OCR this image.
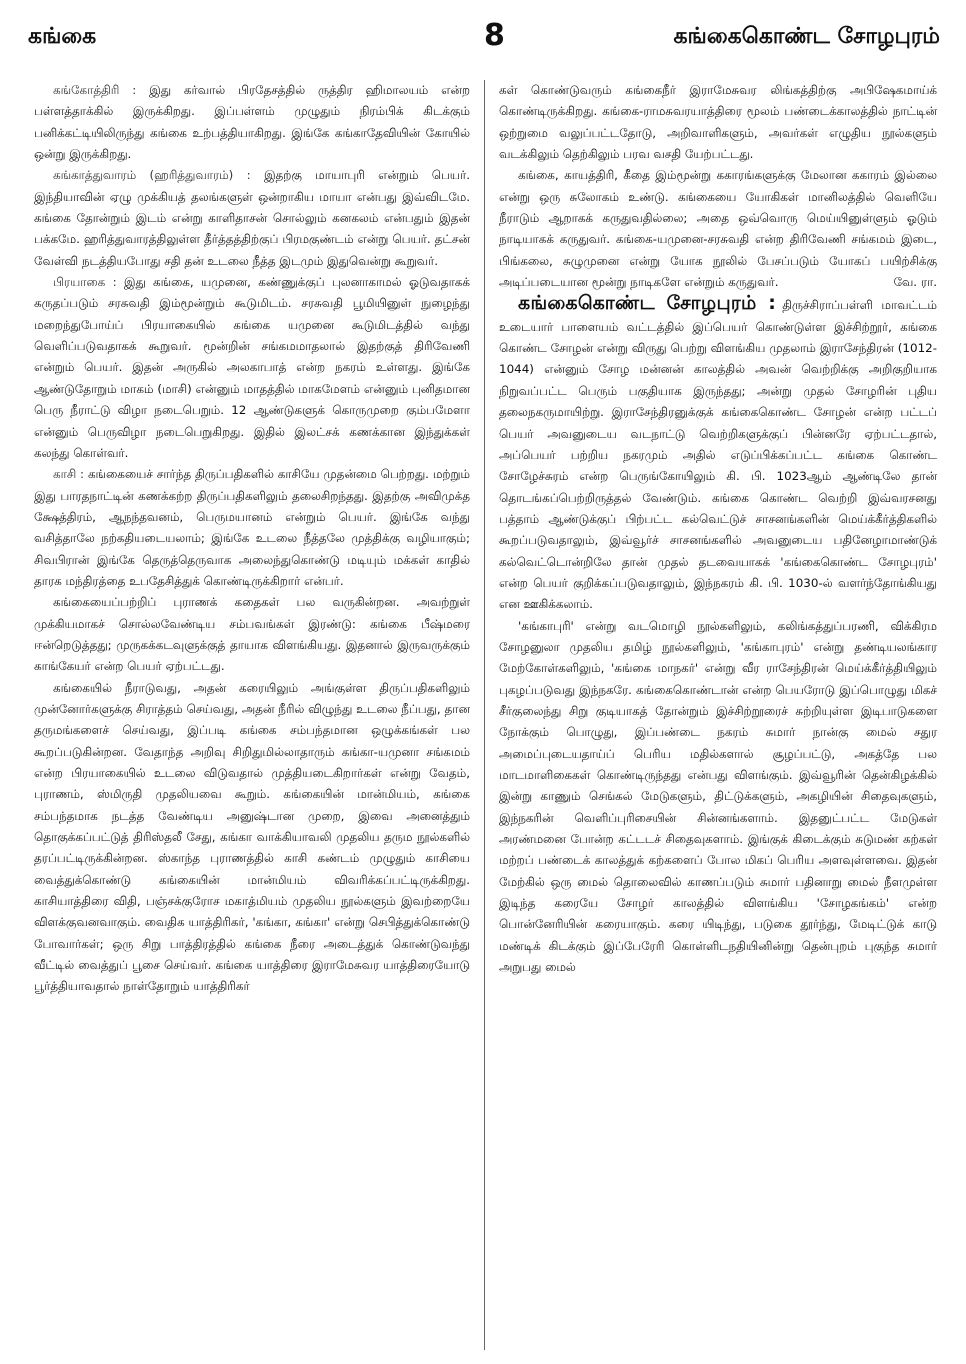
கங்கை	8	கங்கைகொண்ட சோழபுரம்

கங்கோத்திரி : இது கர்வால் பிரதேசத்தில் ருத்திர ஹிமாலயம் என்ற பள்ளத்தாக்கில் இருக்கிறது. இப்பள்ளம் முழுதும் நிரம்பிக் கிடக்கும் பனிக்கட்டியிலிருந்து கங்கை உற்பத்தியாகிறது. இங்கே கங்காதேவியின் கோயில் ஒன்று இருக்கிறது.

கங்காத்துவாரம் (ஹரித்துவாரம்) : இதற்கு மாயாபுரி என்றும் பெயர். இந்தியாவின் ஏழு முக்கியத் தலங்களுள் ஒன்றாகிய மாயா என்பது இவ்விடமே. கங்கை தோன்றும் இடம் என்று காளிதாசன் சொல்லும் கனகலம் என்பதும் இதன் பக்கமே. ஹரித்துவாரத்திலுள்ள தீர்த்தத்திற்குப் பிரமகுண்டம் என்று பெயர். தட்சன் வேள்வி நடத்தியபோது சதி தன் உடலை நீத்த இடமும் இதுவென்று கூறுவர்.

பிரயாகை : இது கங்கை, யமுனை, கண்ணுக்குப் புலனாகாமல் ஓடுவதாகக் கருதப்படும் சரசுவதி இம்மூன்றும் கூடுமிடம். சரசுவதி பூமியினுள் நுழைந்து மறைந்துபோய்ப் பிரயாகையில் கங்கை யமுனை கூடுமிடத்தில் வந்து வெளிப்படுவதாகக் கூறுவர். மூன்றின் சங்கமமாதலால் இதற்குத் திரிவேணி என்றும் பெயர். இதன் அருகில் அலகாபாத் என்ற நகரம் உள்ளது. இங்கே ஆண்டுதோறும் மாகம் (மாசி) என்னும் மாதத்தில் மாகமேளம் என்னும் புனிதமான பெரு நீராட்டு விழா நடைபெறும். 12 ஆண்டுகளுக் கொருமுறை கும்பமேளா என்னும் பெருவிழா நடைபெறுகிறது. இதில் இலட்சக் கணக்கான இந்துக்கள் கலந்து கொள்வர்.

காசி : கங்கையைச் சார்ந்த திருப்பதிகளில் காசியே முதன்மை பெற்றது. மற்றும் இது பாரதநாட்டின் கணக்கற்ற திருப்பதிகளிலும் தலைசிறந்தது. இதற்கு அவிமுக்த க்ஷேத்திரம், ஆநந்தவனம், பெருமயானம் என்றும் பெயர். இங்கே வந்து வசித்தாலே நற்கதியடையலாம்; இங்கே உடலை நீத்தலே முத்திக்கு வழியாகும்; சிவபிரான் இங்கே தெருத்தெருவாக அலைந்துகொண்டு மடியும் மக்கள் காதில் தாரக மந்திரத்தை உபதேசித்துக் கொண்டிருக்கிறார் என்பர்.

கங்கையைப்பற்றிப் புராணக் கதைகள் பல வருகின்றன. அவற்றுள் முக்கியமாகச் சொல்லவேண்டிய சம்பவங்கள் இரண்டு: கங்கை பீஷ்மரை ஈன்றெடுத்தது; முருகக்கடவுளுக்குத் தாயாக விளங்கியது. இதனால் இருவருக்கும் காங்கேயர் என்ற பெயர் ஏற்பட்டது.

கங்கையில் நீராடுவது, அதன் கரையிலும் அங்குள்ள திருப்பதிகளிலும் முன்னோர்களுக்கு சிராத்தம் செய்வது, அதன் நீரில் விழுந்து உடலை நீப்பது, தான தருமங்களைச் செய்வது, இப்படி கங்கை சம்பந்தமான ஒழுக்கங்கள் பல கூறப்படுகின்றன. வேதாந்த அறிவு சிறிதுமில்லாதாரும் கங்கா-யமுனா சங்கமம் என்ற பிரயாகையில் உடலை விடுவதால் முத்தியடைகிறார்கள் என்று வேதம், புராணம், ஸ்மிருதி முதலியவை கூறும். கங்கையின் மான்மியம், கங்கை சம்பந்தமாக நடத்த வேண்டிய அனுஷ்டான முறை, இவை அனைத்தும் தொகுக்கப்பட்டுத் திரிஸ்தலீ சேது, கங்கா வாக்கியாவலி முதலிய தரும நூல்களில் தரப்பட்டிருக்கின்றன. ஸ்காந்த புராணத்தில் காசி கண்டம் முழுதும் காசியை வைத்துக்கொண்டு கங்கையின் மான்மியம் விவரிக்கப்பட்டிருக்கிறது. காசியாத்திரை விதி, பஞ்சக்குரோச மகாத்மியம் முதலிய நூல்களும் இவற்றையே விளக்குவனவாகும். வைதிக யாத்திரிகர், 'கங்கா, கங்கா' என்று செபித்துக்கொண்டு போவார்கள்; ஒரு சிறு பாத்திரத்தில் கங்கை நீரை அடைத்துக் கொண்டுவந்து வீட்டில் வைத்துப் பூசை செய்வர். கங்கை யாத்திரை இராமேசுவர யாத்திரையோடு பூர்த்தியாவதால் நாள்தோறும் யாத்திரிகர்

கள் கொண்டுவரும் கங்கைநீர் இராமேசுவர லிங்கத்திற்கு அபிஷேகமாய்க் கொண்டிருக்கிறது. கங்கை-ராமசுவரயாத்திரை மூலம் பண்டைக்காலத்தில் நாட்டின் ஒற்றுமை வலுப்பட்டதோடு, அறிவாளிகளும், அவர்கள் எழுதிய நூல்களும் வடக்கிலும் தெற்கிலும் பரவ வசதி யேற்பட்டது.

கங்கை, காயத்திரி, கீதை இம்மூன்று ககாரங்களுக்கு மேலான ககாரம் இல்லை என்று ஒரு சுலோகம் உண்டு. கங்கையை யோகிகள் மானிலத்தில் வெளியே நீராடும் ஆறாகக் கருதுவதில்லை; அதை ஒவ்வொரு மெய்யினுள்ளும் ஓடும் நாடியாகக் கருதுவர். கங்கை-யமுனை-சரசுவதி என்ற திரிவேணி சங்கமம் இடை, பிங்கலை, சுழுமுனை என்று யோக நூலில் பேசப்படும் யோகப் பயிற்சிக்கு அடிப்படையான மூன்று நாடிகளே என்றும் கருதுவர்.	வே. ரா.

கங்கைகொண்ட சோழபுரம் : திருச்சிராப்பள்ளி மாவட்டம் உடையார் பாளையம் வட்டத்தில் இப்பெயர் கொண்டுள்ள இச்சிற்றூர், கங்கை கொண்ட சோழன் என்று விருது பெற்று விளங்கிய முதலாம் இராசேந்திரன் (1012-1044) என்னும் சோழ மன்னன் காலத்தில் அவன் வெற்றிக்கு அறிகுறியாக நிறுவப்பட்ட பெரும் பகுதியாக இருந்தது; அன்று முதல் சோழரின் புதிய தலைநகருமாயிற்று. இராசேந்திரனுக்குக் கங்கைகொண்ட சோழன் என்ற பட்டப் பெயர் அவனுடைய வடநாட்டு வெற்றிகளுக்குப் பின்னரே ஏற்பட்டதால், அப்பெயர் பற்றிய நகரமும் அதில் எடுப்பிக்கப்பட்ட கங்கை கொண்ட சோழேச்சுரம் என்ற பெருங்கோயிலும் கி. பி. 1023ஆம் ஆண்டிலே தான் தொடங்கப்பெற்றிருத்தல் வேண்டும். கங்கை கொண்ட வெற்றி இவ்வரசனது பத்தாம் ஆண்டுக்குப் பிற்பட்ட கல்வெட்டுச் சாசனங்களின் மெய்க்கீர்த்திகளில் கூறப்படுவதாலும், இவ்வூர்ச் சாசனங்களில் அவனுடைய பதினேழாமாண்டுக் கல்வெட்டொன்றிலே தான் முதல் தடவையாகக் 'கங்கைகொண்ட சோழபுரம்' என்ற பெயர் குறிக்கப்படுவதாலும், இந்நகரம் கி. பி. 1030-ல் வளர்ந்தோங்கியது என ஊகிக்கலாம்.

'கங்காபுரி' என்று வடமொழி நூல்களிலும், கலிங்கத்துப்பரணி, விக்கிரம சோழனுலா முதலிய தமிழ் நூல்களிலும், 'கங்காபுரம்' என்று தண்டியலங்கார மேற்கோள்களிலும், 'கங்கை மாநகர்' என்று வீர ராசேந்திரன் மெய்க்கீர்த்தியிலும் புகழப்படுவது இந்நகரே. கங்கைகொண்டான் என்ற பெயரோடு இப்பொழுது மிகச் சீர்குலைந்து சிறு குடியாகத் தோன்றும் இச்சிற்றூரைச் சுற்றியுள்ள இடிபாடுகளை நோக்கும் பொழுது, இப்பண்டை நகரம் சுமார் நான்கு மைல் சதுர அமைப்புடையதாய்ப் பெரிய மதில்களால் சூழப்பட்டு, அகத்தே பல மாடமாளிகைகள் கொண்டிருந்தது என்பது விளங்கும். இவ்வூரின் தென்கிழக்கில் இன்று காணும் செங்கல் மேடுகளும், திட்டுக்களும், அகழியின் சிதைவுகளும், இந்நகரின் வெளிப்புரிசையின் சின்னங்களாம். இதனுட்பட்ட மேடுகள் அரண்மனை போன்ற கட்டடச் சிதைவுகளாம். இங்குக் கிடைக்கும் சுடுமண் கற்கள் மற்றப் பண்டைக் காலத்துக் கற்களைப் போல மிகப் பெரிய அளவுள்ளவை. இதன் மேற்கில் ஒரு மைல் தொலைவில் காணப்படும் சுமார் பதினாறு மைல் நீளமுள்ள இடிந்த கரையே சோழர் காலத்தில் விளங்கிய 'சோழகங்கம்' என்ற பொன்னேரியின் கரையாகும். கரை யிடிந்து, படுகை தூர்ந்து, மேடிட்டுக் காடு மண்டிக் கிடக்கும் இப்பேரேரி கொள்ளிடநதியினின்று தென்புறம் புகுந்த சுமார் அறுபது மைல்
